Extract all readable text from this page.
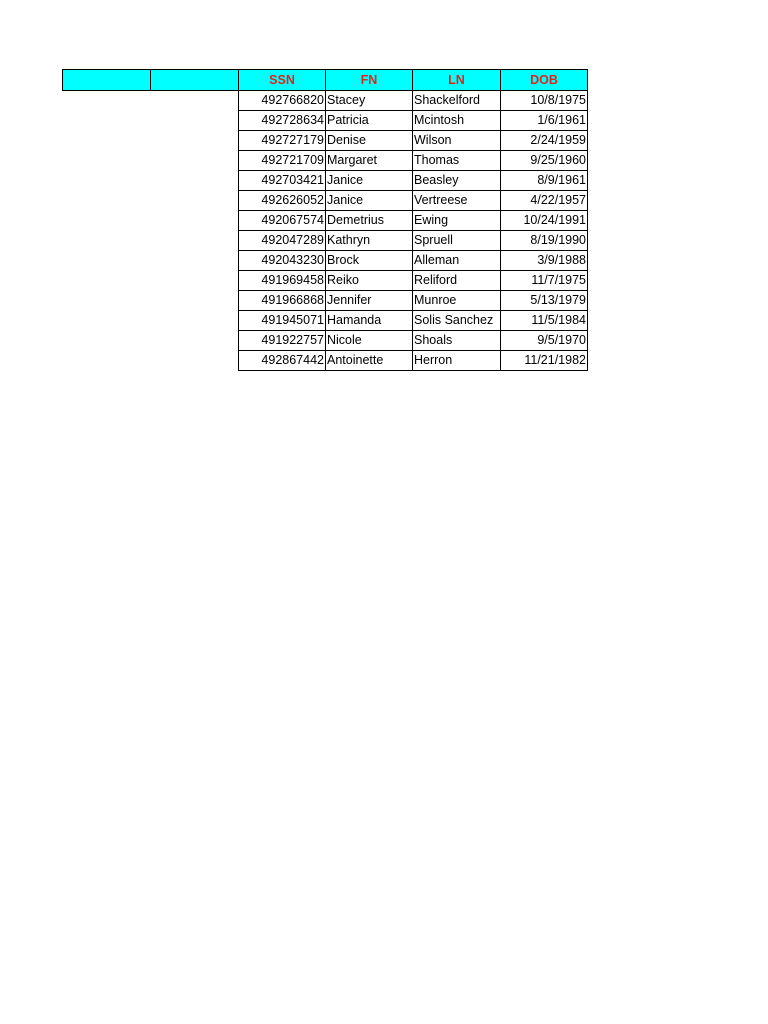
		SSN	FN	LN	DOB
		492766820	Stacey	Shackelford	10/8/1975
		492728634	Patricia	Mcintosh	1/6/1961
		492727179	Denise	Wilson	2/24/1959
		492721709	Margaret	Thomas	9/25/1960
		492703421	Janice	Beasley	8/9/1961
		492626052	Janice	Vertreese	4/22/1957
		492067574	Demetrius	Ewing	10/24/1991
		492047289	Kathryn	Spruell	8/19/1990
		492043230	Brock	Alleman	3/9/1988
		491969458	Reiko	Reliford	11/7/1975
		491966868	Jennifer	Munroe	5/13/1979
		491945071	Hamanda	Solis Sanchez	11/5/1984
		491922757	Nicole	Shoals	9/5/1970
		492867442	Antoinette	Herron	11/21/1982
